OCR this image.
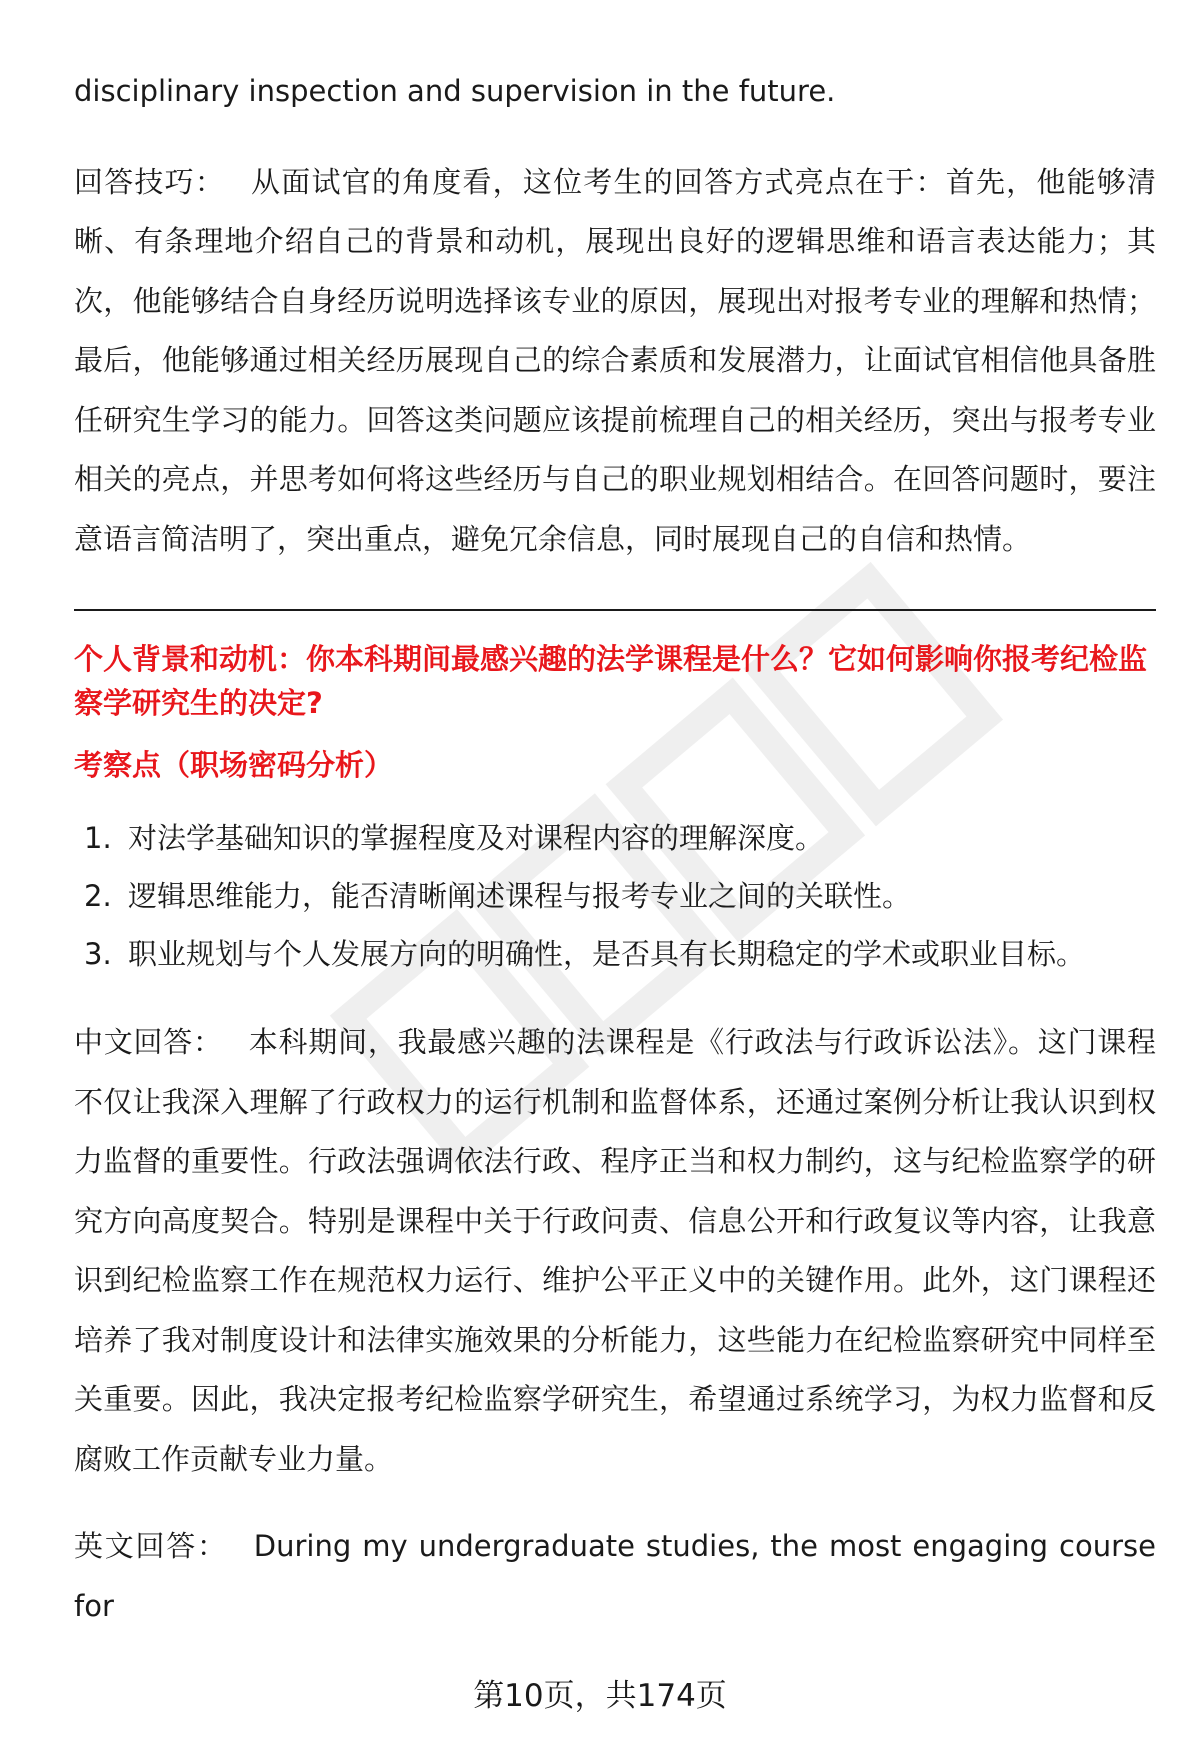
disciplinary inspection and supervision in the future.

回答技巧： 从面试官的角度看，这位考生的回答方式亮点在于：首先，他能够清晰、有条理地介绍自己的背景和动机，展现出良好的逻辑思维和语言表达能力；其次，他能够结合自身经历说明选择该专业的原因，展现出对报考专业的理解和热情；最后，他能够通过相关经历展现自己的综合素质和发展潜力，让面试官相信他具备胜任研究生学习的能力。回答这类问题应该提前梳理自己的相关经历，突出与报考专业相关的亮点，并思考如何将这些经历与自己的职业规划相结合。在回答问题时，要注意语言简洁明了，突出重点，避免冗余信息，同时展现自己的自信和热情。

个人背景和动机：你本科期间最感兴趣的法学课程是什么？它如何影响你报考纪检监察学研究生的决定?

考察点（职场密码分析）

1. 对法学基础知识的掌握程度及对课程内容的理解深度。
2. 逻辑思维能力，能否清晰阐述课程与报考专业之间的关联性。
3. 职业规划与个人发展方向的明确性，是否具有长期稳定的学术或职业目标。

中文回答： 本科期间，我最感兴趣的法课程是《行政法与行政诉讼法》。这门课程不仅让我深入理解了行政权力的运行机制和监督体系，还通过案例分析让我认识到权力监督的重要性。行政法强调依法行政、程序正当和权力制约，这与纪检监察学的研究方向高度契合。特别是课程中关于行政问责、信息公开和行政复议等内容，让我意识到纪检监察工作在规范权力运行、维护公平正义中的关键作用。此外，这门课程还培养了我对制度设计和法律实施效果的分析能力，这些能力在纪检监察研究中同样至关重要。因此，我决定报考纪检监察学研究生，希望通过系统学习，为权力监督和反腐败工作贡献专业力量。

英文回答： During my undergraduate studies, the most engaging course for

第10页，共174页
